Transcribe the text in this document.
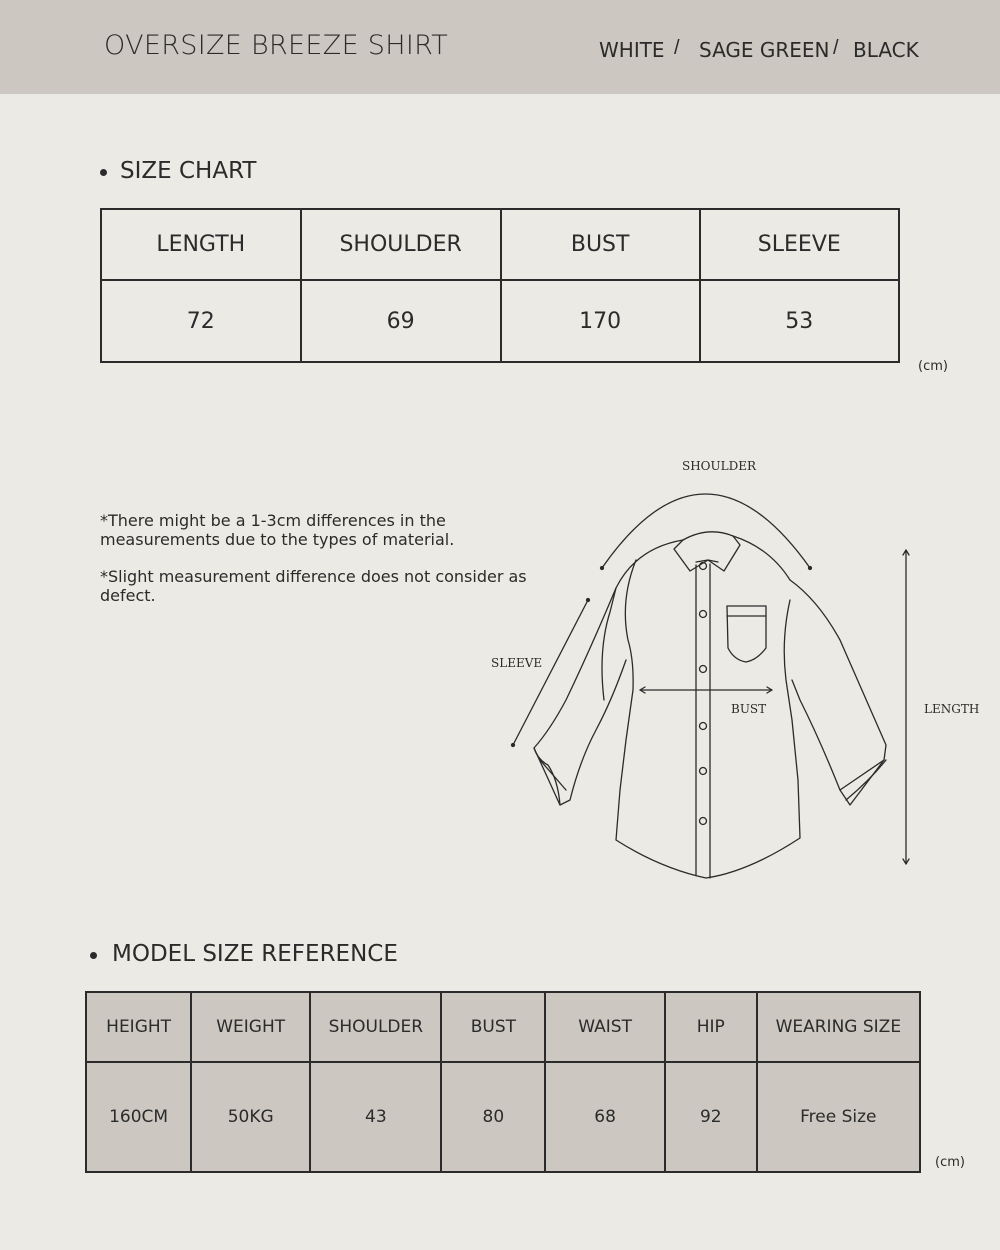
OVERSIZE BREEZE SHIRT	WHITE / SAGE GREEN / BLACK
SIZE CHART
LENGTH	SHOULDER	BUST	SLEEVE
72	69	170	53
(cm)
*There might be a 1-3cm differences in the measurements due to the types of material.
*Slight measurement difference does not consider as defect.
SHOULDER
SLEEVE
BUST	LENGTH
MODEL SIZE REFERENCE
HEIGHT	WEIGHT	SHOULDER	BUST	WAIST	HIP	WEARING SIZE
160CM	50KG	43	80	68	92	Free Size
(cm)
